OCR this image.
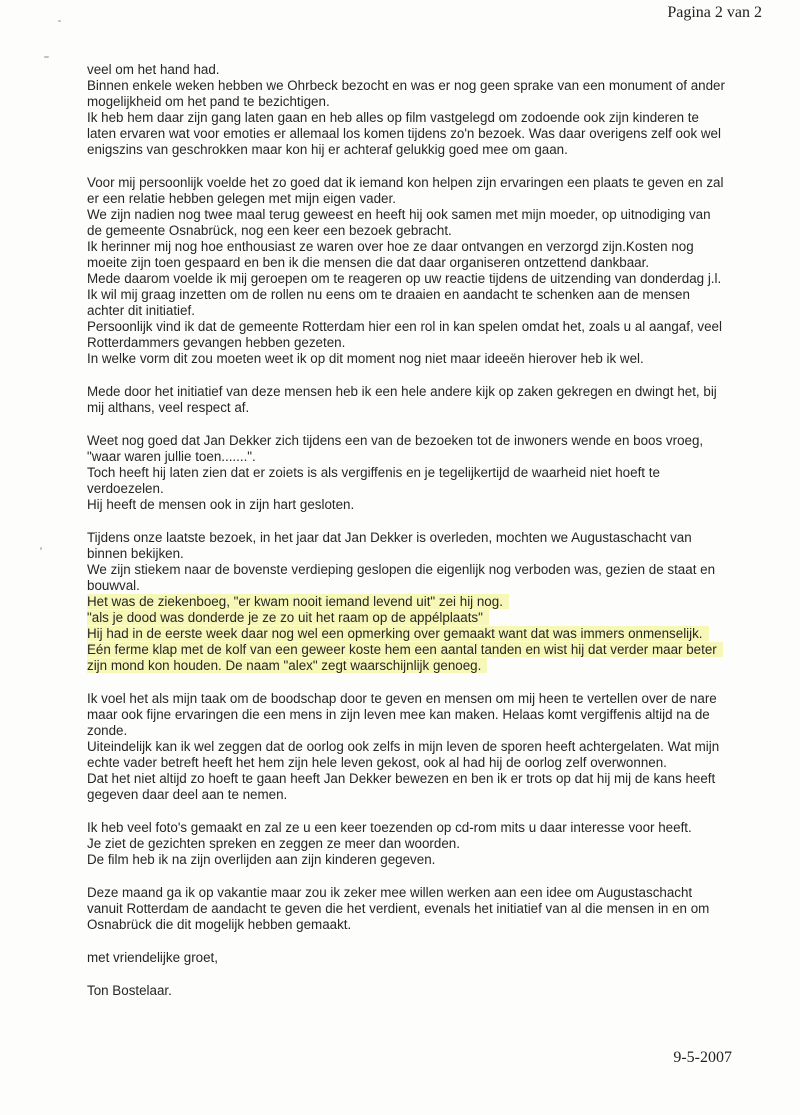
Pagina 2 van 2
veel om het hand had.
Binnen enkele weken hebben we Ohrbeck bezocht en was er nog geen sprake van een monument of ander
mogelijkheid om het pand te bezichtigen.
Ik heb hem daar zijn gang laten gaan en heb alles op film vastgelegd om zodoende ook zijn kinderen te
laten ervaren wat voor emoties er allemaal los komen tijdens zo'n bezoek. Was daar overigens zelf ook wel
enigszins van geschrokken maar kon hij er achteraf gelukkig goed mee om gaan.
Voor mij persoonlijk voelde het zo goed dat ik iemand kon helpen zijn ervaringen een plaats te geven en zal
er een relatie hebben gelegen met mijn eigen vader.
We zijn nadien nog twee maal terug geweest en heeft hij ook samen met mijn moeder, op uitnodiging van
de gemeente Osnabrück, nog een keer een bezoek gebracht.
Ik herinner mij nog hoe enthousiast ze waren over hoe ze daar ontvangen en verzorgd zijn.Kosten nog
moeite zijn toen gespaard en ben ik die mensen die dat daar organiseren ontzettend dankbaar.
Mede daarom voelde ik mij geroepen om te reageren op uw reactie tijdens de uitzending van donderdag j.l.
Ik wil mij graag inzetten om de rollen nu eens om te draaien en aandacht te schenken aan de mensen
achter dit initiatief.
Persoonlijk vind ik dat de gemeente Rotterdam hier een rol in kan spelen omdat het, zoals u al aangaf, veel
Rotterdammers gevangen hebben gezeten.
In welke vorm dit zou moeten weet ik op dit moment nog niet maar ideeën hierover heb ik wel.
Mede door het initiatief van deze mensen heb ik een hele andere kijk op zaken gekregen en dwingt het, bij
mij althans, veel respect af.
Weet nog goed dat Jan Dekker zich tijdens een van de bezoeken tot de inwoners wende en boos vroeg,
"waar waren jullie toen.......".
Toch heeft hij laten zien dat er zoiets is als vergiffenis en je tegelijkertijd de waarheid niet hoeft te
verdoezelen.
Hij heeft de mensen ook in zijn hart gesloten.
Tijdens onze laatste bezoek, in het jaar dat Jan Dekker is overleden, mochten we Augustaschacht van
binnen bekijken.
We zijn stiekem naar de bovenste verdieping geslopen die eigenlijk nog verboden was, gezien de staat en
bouwval.
Het was de ziekenboeg, "er kwam nooit iemand levend uit" zei hij nog.
"als je dood was donderde je ze zo uit het raam op de appélplaats"
Hij had in de eerste week daar nog wel een opmerking over gemaakt want dat was immers onmenselijk.
Eén ferme klap met de kolf van een geweer koste hem een aantal tanden en wist hij dat verder maar beter
zijn mond kon houden. De naam "alex" zegt waarschijnlijk genoeg.
Ik voel het als mijn taak om de boodschap door te geven en mensen om mij heen te vertellen over de nare
maar ook fijne ervaringen die een mens in zijn leven mee kan maken. Helaas komt vergiffenis altijd na de
zonde.
Uiteindelijk kan ik wel zeggen dat de oorlog ook zelfs in mijn leven de sporen heeft achtergelaten. Wat mijn
echte vader betreft heeft het hem zijn hele leven gekost, ook al had hij de oorlog zelf overwonnen.
Dat het niet altijd zo hoeft te gaan heeft Jan Dekker bewezen en ben ik er trots op dat hij mij de kans heeft
gegeven daar deel aan te nemen.
Ik heb veel foto's gemaakt en zal ze u een keer toezenden op cd-rom mits u daar interesse voor heeft.
Je ziet de gezichten spreken en zeggen ze meer dan woorden.
De film heb ik na zijn overlijden aan zijn kinderen gegeven.
Deze maand ga ik op vakantie maar zou ik zeker mee willen werken aan een idee om Augustaschacht
vanuit Rotterdam de aandacht te geven die het verdient, evenals het initiatief van al die mensen in en om
Osnabrück die dit mogelijk hebben gemaakt.
met vriendelijke groet,
Ton Bostelaar.
9-5-2007
